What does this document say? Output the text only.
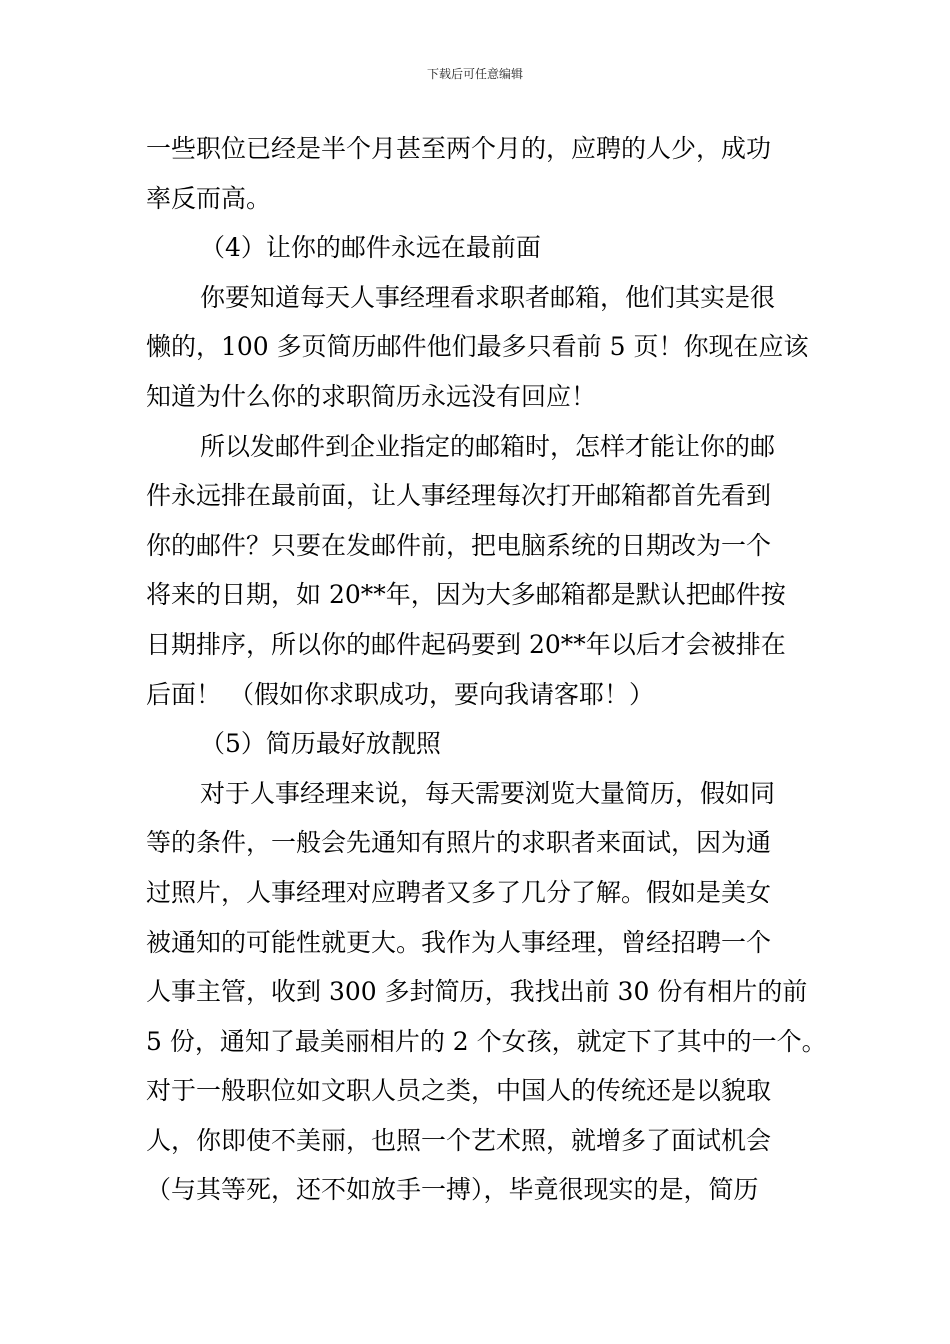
下载后可任意编辑
一些职位已经是半个月甚至两个月的，应聘的人少，成功
率反而高。
（4）让你的邮件永远在最前面
你要知道每天人事经理看求职者邮箱，他们其实是很
懒的，100 多页简历邮件他们最多只看前 5 页！你现在应该
知道为什么你的求职简历永远没有回应！
所以发邮件到企业指定的邮箱时，怎样才能让你的邮
件永远排在最前面，让人事经理每次打开邮箱都首先看到
你的邮件？只要在发邮件前，把电脑系统的日期改为一个
将来的日期，如 20**年，因为大多邮箱都是默认把邮件按
日期排序，所以你的邮件起码要到 20**年以后才会被排在
后面！ （假如你求职成功，要向我请客耶！）
（5）简历最好放靓照
对于人事经理来说，每天需要浏览大量简历，假如同
等的条件，一般会先通知有照片的求职者来面试，因为通
过照片，人事经理对应聘者又多了几分了解。假如是美女
被通知的可能性就更大。我作为人事经理，曾经招聘一个
人事主管，收到 300 多封简历，我找出前 30 份有相片的前
5 份，通知了最美丽相片的 2 个女孩，就定下了其中的一个。
对于一般职位如文职人员之类，中国人的传统还是以貌取
人，你即使不美丽，也照一个艺术照，就增多了面试机会
（与其等死，还不如放手一搏），毕竟很现实的是，简历
